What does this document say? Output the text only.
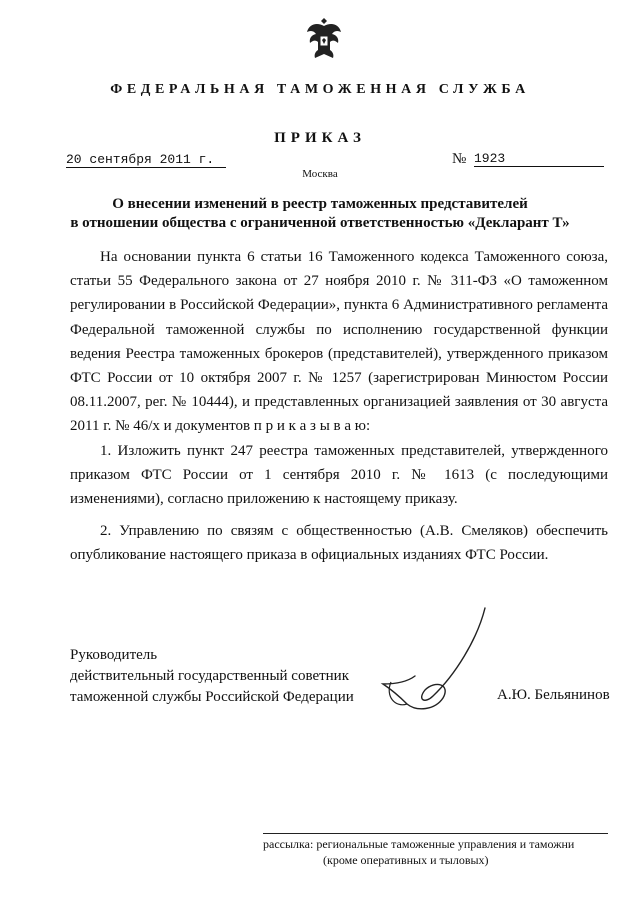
ФЕДЕРАЛЬНАЯ ТАМОЖЕННАЯ СЛУЖБА
ПРИКАЗ
20 сентября 2011 г.	№ 1923
Москва
О внесении изменений в реестр таможенных представителей
в отношении общества с ограниченной ответственностью «Декларант Т»

На основании пункта 6 статьи 16 Таможенного кодекса Таможенного союза, статьи 55 Федерального закона от 27 ноября 2010 г. № 311-ФЗ «О таможенном регулировании в Российской Федерации», пункта 6 Административного регламента Федеральной таможенной службы по исполнению государственной функции ведения Реестра таможенных брокеров (представителей), утвержденного приказом ФТС России от 10 октября 2007 г. № 1257 (зарегистрирован Минюстом России 08.11.2007, рег. № 10444), и представленных организацией заявления от 30 августа 2011 г. № 46/х и документов п р и к а з ы в а ю:

1. Изложить пункт 247 реестра таможенных представителей, утвержденного приказом ФТС России от 1 сентября 2010 г. № 1613 (с последующими изменениями), согласно приложению к настоящему приказу.

2. Управлению по связям с общественностью (А.В. Смеляков) обеспечить опубликование настоящего приказа в официальных изданиях ФТС России.

Руководитель
действительный государственный советник
таможенной службы Российской Федерации	А.Ю. Бельянинов
рассылка: региональные таможенные управления и таможни
(кроме оперативных и тыловых)
